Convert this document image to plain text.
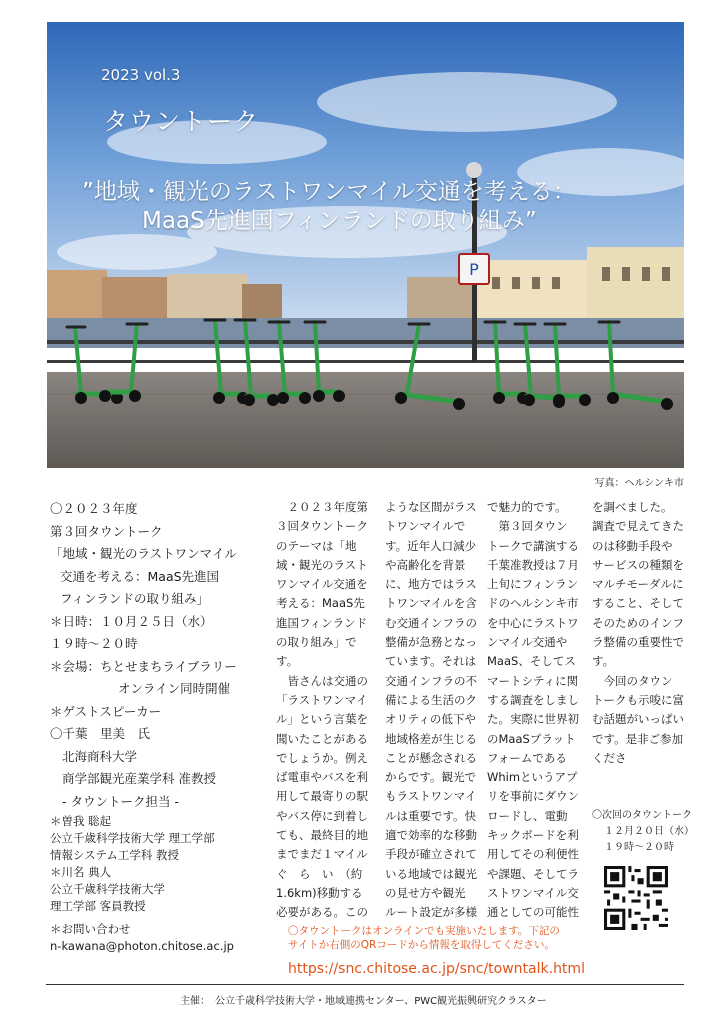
P
2023 vol.3
タウントーク
”地域・観光のラストワンマイル交通を考える：
MaaS先進国フィンランドの取り組み”
写真：ヘルシンキ市
〇２０２３年度
第３回タウントーク
「地域・観光のラストワンマイル
交通を考える：MaaS先進国
フィンランドの取り組み」
＊日時：１０月２５日（水）
１９時〜２０時
＊会場：ちとせまちライブラリー
オンライン同時開催
＊ゲストスピーカー
〇千葉　里美　氏
北海商科大学
商学部観光産業学科 准教授
- タウントーク担当 -
＊曽我 聡起
公立千歳科学技術大学 理工学部
情報システム工学科 教授
＊川名 典人
公立千歳科学技術大学
理工学部 客員教授
＊お問い合わせ
n-kawana@photon.chitose.ac.jp
　２０２３年度第
３回タウントーク
のテーマは「地
域・観光のラスト
ワンマイル交通を
考える：MaaS先
進国フィンランド
の取り組み」で
す。
　皆さんは交通の
「ラストワンマイ
ル」という言葉を
聞いたことがある
でしょうか。例え
ば電車やバスを利
用して最寄りの駅
やバス停に到着し
ても、最終目的地
までまだ１マイル
ぐ　ら　い　（約
1.6km)移動する
必要がある。この
ような区間がラス
トワンマイルで
す。近年人口減少
や高齢化を背景
に、地方ではラス
トワンマイルを含
む交通インフラの
整備が急務となっ
ています。それは
交通インフラの不
備による生活のク
オリティの低下や
地域格差が生じる
ことが懸念される
からです。観光で
もラストワンマイ
ルは重要です。快
適で効率的な移動
手段が確立されて
いる地域では観光
の見せ方や観光
ルート設定が多様
で魅力的です。
　第３回タウン
トークで講演する
千葉准教授は７月
上旬にフィンラン
ドのヘルシンキ市
を中心にラストワ
ンマイル交通や
MaaS、そしてス
マートシティに関
する調査をしまし
た。実際に世界初
のMaaSプラット
フォームである
Whimというアプ
リを事前にダウン
ロードし、電動
キックボードを利
用してその利便性
や課題、そしてラ
ストワンマイル交
通としての可能性
を調べました。
調査で見えてきた
のは移動手段や
サービスの種類を
マルチモーダルに
すること、そして
そのためのインフ
ラ整備の重要性で
す。
　今回のタウン
トークも示唆に富
む話題がいっぱい
です。是非ご参加
くださ
〇次回のタウントーク
１２月２０日（水）
１９時〜２０時
〇タウントークはオンラインでも実施いたします。下記の
サイトか右側のQRコードから情報を取得してください。
https://snc.chitose.ac.jp/snc/towntalk.html
主催：　公立千歳科学技術大学・地域連携センター、PWC観光振興研究クラスター
